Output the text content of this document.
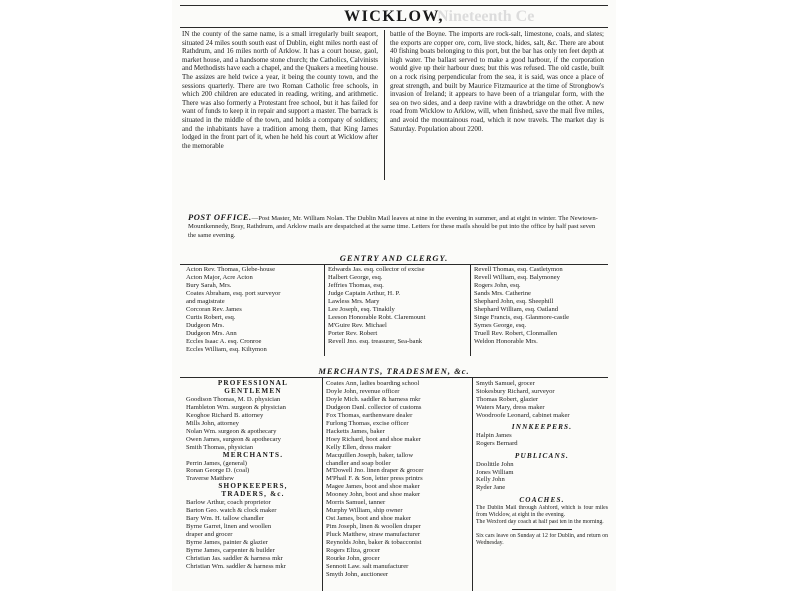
Nineteenth Ce
WICKLOW,
IN the county of the same name, is a small irregularly built seaport, situated 24 miles south south east of Dublin, eight miles north east of Rathdrum, and 16 miles north of Arklow. It has a court house, gaol, market house, and a handsome stone church; the Catholics, Calvinists and Methodists have each a chapel, and the Quakers a meeting house. The assizes are held twice a year, it being the county town, and the sessions quarterly. There are two Roman Catholic free schools, in which 200 children are educated in reading, writing, and arithmetic. There was also formerly a Protestant free school, but it has failed for want of funds to keep it in repair and support a master. The barrack is situated in the middle of the town, and holds a company of soldiers; and the inhabitants have a tradition among them, that King James lodged in the front part of it, when he held his court at Wicklow after the memorable
battle of the Boyne. The imports are rock-salt, limestone, coals, and slates; the exports are copper ore, corn, live stock, hides, salt, &c. There are about 40 fishing boats belonging to this port, but the bar has only ten feet depth at high water. The ballast served to make a good harbour, if the corporation would give up their harbour dues; but this was refused. The old castle, built on a rock rising perpendicular from the sea, it is said, was once a place of great strength, and built by Maurice Fitzmaurice at the time of Strongbow's invasion of Ireland; it appears to have been of a triangular form, with the sea on two sides, and a deep ravine with a drawbridge on the other. A new road from Wicklow to Arklow, will, when finished, save the mail five miles, and avoid the mountainous road, which it now travels. The market day is Saturday. Population about 2200.
POST OFFICE.—Post Master, Mr. William Nolan. The Dublin Mail leaves at nine in the evening in summer, and at eight in winter. The Newtown-Mountkennedy, Bray, Rathdrum, and Arklow mails are despatched at the same time. Letters for these mails should be put into the office by half past seven the same evening.
GENTRY AND CLERGY.
Acton Rev. Thomas, Glebe-house
Acton Major, Acre Acton
Bury Sarah, Mrs.
Coates Abraham, esq. port surveyor
and magistrate
Corcoran Rev. James
Curtis Robert, esq.
Dudgeon Mrs.
Dudgeon Mrs. Ann
Eccles Isaac A. esq. Cronroe
Eccles William, esq. Kiltymon
Edwards Jas. esq. collector of excise
Halbert George, esq.
Jeffries Thomas, esq.
Judge Captain Arthur, H. P.
Lawless Mrs. Mary
Lee Joseph, esq. Tinakily
Leeson Honorable Robt. Claremount
M'Guire Rev. Michael
Porter Rev. Robert
Revell Jno. esq. treasurer, Sea-bank
Revell Thomas, esq. Castletymon
Revell William, esq. Balymoney
Rogers John, esq.
Sands Mrs. Catherine
Shephard John, esq. Sheephill
Shephard William, esq. Oatland
Singe Francis, esq. Glanmore-castle
Symes George, esq.
Truell Rev. Robert, Clonmallen
Weldon Honorable Mrs.
MERCHANTS, TRADESMEN, &c.
PROFESSIONAL
GENTLEMEN
Goodison Thomas, M. D. physician
Hambleton Wm. surgeon & physician
Keoghoe Richard B. attorney
Mills John, attorney
Nolan Wm. surgeon & apothecary
Owen James, surgeon & apothecary
Smith Thomas, physician
MERCHANTS.
Perrin James, (general)
Ronan George D. (coal)
Traverse Matthew
SHOPKEEPERS,
TRADERS, &c.
Barlow Arthur, coach proprietor
Barton Geo. watch & clock maker
Bary Wm. H. tallow chandler
Byrne Garret, linen and woollen
draper and grocer
Byrne James, painter & glazier
Byrne James, carpenter & builder
Christian Jas. saddler & harness mkr
Christian Wm. saddler & harness mkr
Coates Ann, ladies boarding school
Doyle John, revenue officer
Doyle Mich. saddler & harness mkr
Dudgeon Danl. collector of customs
Fox Thomas, earthenware dealer
Furlong Thomas, excise officer
Hacketts James, baker
Hoey Richard, boot and shoe maker
Kelly Ellen, dress maker
Macquillen Joseph, baker, tallow
chandler and soap boiler
M'Dowell Jno. linen draper & grocer
M'Phail F. & Son, letter press printrs
Magee James, boot and shoe maker
Mooney John, boot and shoe maker
Morris Samuel, tanner
Murphy William, ship owner
Ost James, boot and shoe maker
Pim Joseph, linen & woollen draper
Pluck Matthew, straw manufacturer
Reynolds John, baker & tobacconist
Rogers Eliza, grocer
Rourke John, grocer
Sennott Law. salt manufacturer
Smyth John, auctioneer
Smyth Samuel, grocer
Stokesbury Richard, surveyor
Thomas Robert, glazier
Waters Mary, dress maker
Woodroofe Leonard, cabinet maker
INNKEEPERS.
Halpin James
Rogers Bernard
PUBLICANS.
Doolittle John
Jones William
Kelly John
Ryder Jane
COACHES.
The Dublin Mail through Ashford, which is four miles from Wicklow, at eight in the evening.
The Wexford day coach at half past ten in the morning.
Six cars leave on Sunday at 12 for Dublin, and return on Wednesday.
